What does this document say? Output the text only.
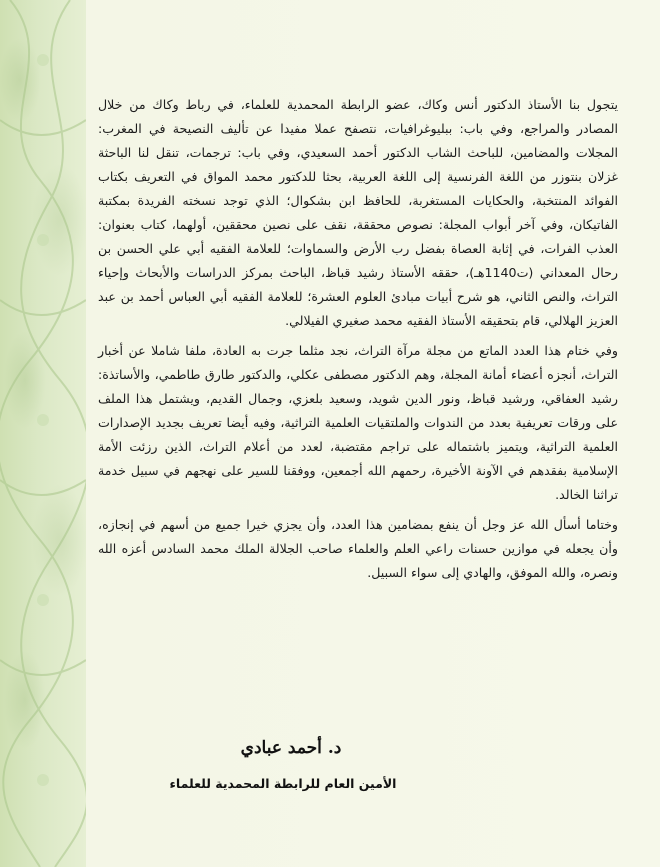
يتجول بنا الأستاذ الدكتور أنس وكاك، عضو الرابطة المحمدية للعلماء، في رباط وكاك من خلال المصادر والمراجع، وفي باب: ببليوغرافيات، نتصفح عملا مفيدا عن تأليف النصيحة في المغرب: المجلات والمضامين، للباحث الشاب الدكتور أحمد السعيدي، وفي باب: ترجمات، تنقل لنا الباحثة غزلان بنتوزر من اللغة الفرنسية إلى اللغة العربية، بحثا للدكتور محمد المواق في التعريف بكتاب الفوائد المنتخبة، والحكايات المستغربة، للحافظ ابن بشكوال؛ الذي توجد نسخته الفريدة بمكتبة الفاتيكان، وفي آخر أبواب المجلة: نصوص محققة، نقف على نصين محققين، أولهما، كتاب بعنوان: العذب الفرات، في إثابة العصاة بفضل رب الأرض والسماوات؛ للعلامة الفقيه أبي علي الحسن بن رحال المعداني (ت1140هـ)، حققه الأستاذ رشيد قباظ، الباحث بمركز الدراسات والأبحاث وإحياء التراث، والنص الثاني، هو شرح أبيات مبادئ العلوم العشرة؛ للعلامة الفقيه أبي العباس أحمد بن عبد العزيز الهلالي، قام بتحقيقه الأستاذ الفقيه محمد صغيري الفيلالي.

وفي ختام هذا العدد الماتع من مجلة مرآة التراث، نجد مثلما جرت به العادة، ملفا شاملا عن أخبار التراث، أنجزه أعضاء أمانة المجلة، وهم الدكتور مصطفى عكلي، والدكتور طارق طاطمي، والأساتذة: رشيد العفاقي، ورشيد قباظ، ونور الدين شويد، وسعيد بلعزي، وجمال القديم، ويشتمل هذا الملف على ورقات تعريفية بعدد من الندوات والملتقيات العلمية التراثية، وفيه أيضا تعريف بجديد الإصدارات العلمية التراثية، ويتميز باشتماله على تراجم مقتضبة، لعدد من أعلام التراث، الذين رزئت الأمة الإسلامية بفقدهم في الآونة الأخيرة، رحمهم الله أجمعين، ووفقنا للسير على نهجهم في سبيل خدمة تراثنا الخالد.

وختاما أسأل الله عز وجل أن ينفع بمضامين هذا العدد، وأن يجزي خيرا جميع من أسهم في إنجازه، وأن يجعله في موازين حسنات راعي العلم والعلماء صاحب الجلالة الملك محمد السادس أعزه الله ونصره، والله الموفق، والهادي إلى سواء السبيل.

د. أحمد عبادي
الأمين العام للرابطة المحمدية للعلماء
